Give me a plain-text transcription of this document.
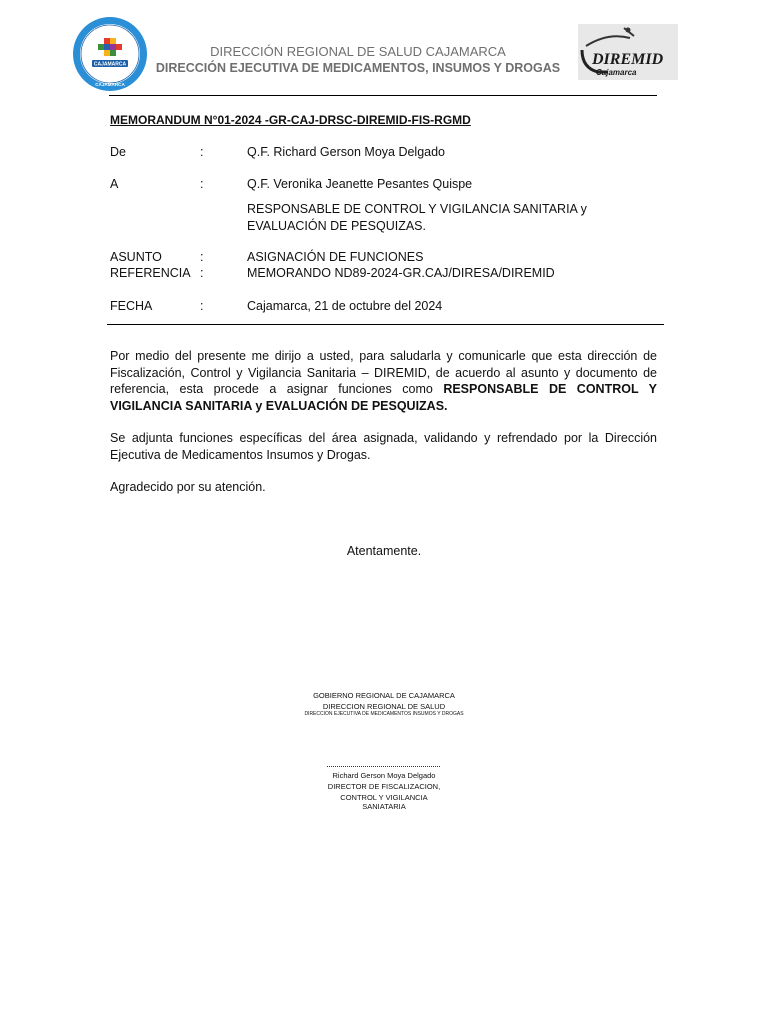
DIRECCIÓN REGIONAL DE SA
CAJAMARCA
CAJAMARCA
DIREMID
Cajamarca
DIRECCIÓN REGIONAL DE SALUD CAJAMARCA
DIRECCIÓN EJECUTIVA DE MEDICAMENTOS, INSUMOS Y DROGAS
MEMORANDUM N°01-2024 -GR-CAJ-DRSC-DIREMID-FIS-RGMD
De	:	Q.F. Richard Gerson Moya Delgado
A	:	Q.F. Veronika Jeanette Pesantes Quispe
RESPONSABLE DE CONTROL Y VIGILANCIA SANITARIA y EVALUACIÓN DE PESQUIZAS.
ASUNTO	:	ASIGNACIÓN DE FUNCIONES
REFERENCIA :	MEMORANDO ND89-2024-GR.CAJ/DIRESA/DIREMID
FECHA	:	Cajamarca, 21 de octubre del 2024
Por medio del presente me dirijo a usted, para saludarla y comunicarle que esta dirección de Fiscalización, Control y Vigilancia Sanitaria – DIREMID, de acuerdo al asunto y documento de referencia, esta procede a asignar funciones como RESPONSABLE DE CONTROL Y VIGILANCIA SANITARIA y EVALUACIÓN DE PESQUIZAS.
Se adjunta funciones específicas del área asignada, validando y refrendado por la Dirección Ejecutiva de Medicamentos Insumos y Drogas.
Agradecido por su atención.
Atentamente.
GOBIERNO REGIONAL DE CAJAMARCA
DIRECCION REGIONAL DE SALUD
DIRECCION EJECUTIVA DE MEDICAMENTOS INSUMOS Y DROGAS
Richard Gerson Moya Delgado
DIRECTOR DE FISCALIZACION,
CONTROL Y VIGILANCIA
SANIATARIA
